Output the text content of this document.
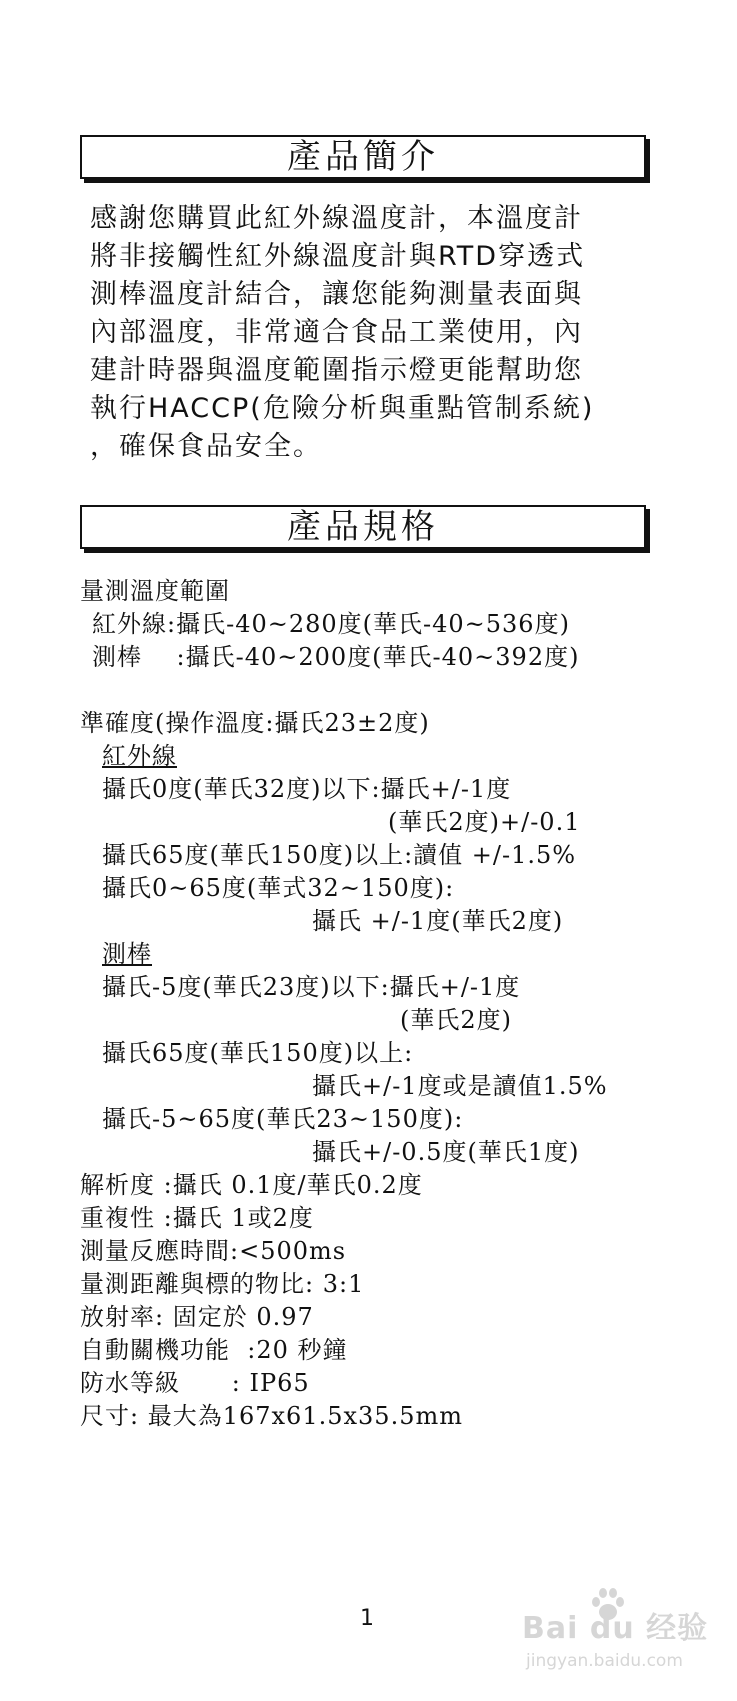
產品簡介
感謝您購買此紅外線溫度計，本溫度計
將非接觸性紅外線溫度計與RTD穿透式
測棒溫度計結合，讓您能夠測量表面與
內部溫度，非常適合食品工業使用，內
建計時器與溫度範圍指示燈更能幫助您
執行HACCP(危險分析與重點管制系統)
，確保食品安全。
產品規格
量測溫度範圍
紅外線:攝氏-40~280度(華氏-40~536度)
測棒    :攝氏-40~200度(華氏-40~392度)
準確度(操作溫度:攝氏23±2度)
紅外線
攝氏0度(華氏32度)以下:攝氏+/-1度
(華氏2度)+/-0.1
攝氏65度(華氏150度)以上:讀值 +/-1.5%
攝氏0~65度(華式32~150度):
攝氏 +/-1度(華氏2度)
測棒
攝氏-5度(華氏23度)以下:攝氏+/-1度
(華氏2度)
攝氏65度(華氏150度)以上:
攝氏+/-1度或是讀值1.5%
攝氏-5~65度(華氏23~150度):
攝氏+/-0.5度(華氏1度)
解析度 :攝氏 0.1度/華氏0.2度
重複性 :攝氏 1或2度
測量反應時間:<500ms
量測距離與標的物比: 3:1
放射率: 固定於 0.97
自動關機功能  :20 秒鐘
防水等級      : IP65
尺寸: 最大為167x61.5x35.5mm
1	Bai du 经验
jingyan.baidu.com
